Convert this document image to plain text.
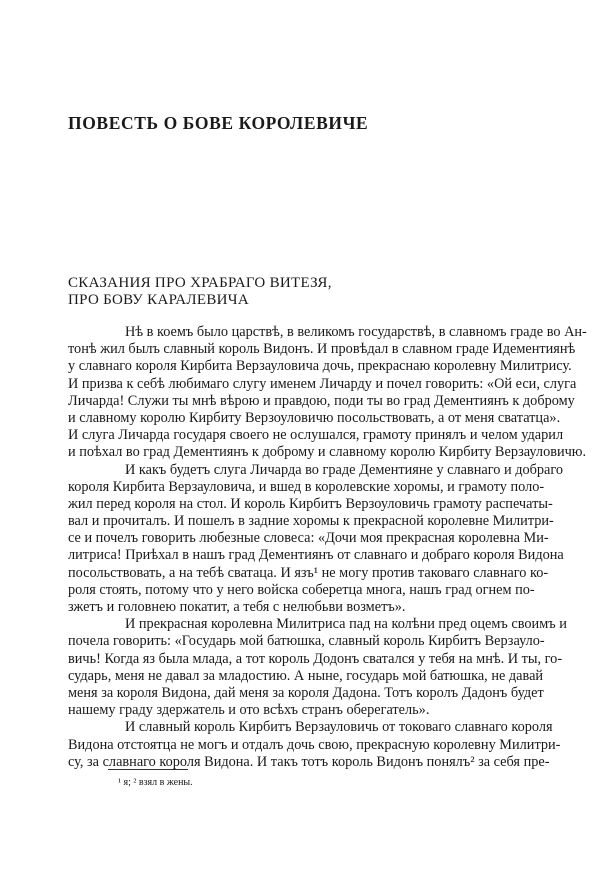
ПОВЕСТЬ О БОВЕ КОРОЛЕВИЧЕ
СКАЗАНИЯ ПРО ХРАБРАГО ВИТЕЗЯ,
ПРО БОВУ КАРАЛЕВИЧА
Нѣ в коемъ было царствѣ, в великомъ государствѣ, в славномъ граде во Ан-
тонѣ жил былъ славный король Видонъ. И провѣдал в славном граде Идементиянѣ
у славнаго короля Кирбита Верзауловича дочь, прекраснаю королевну Милитрису.
И призва к себѣ любимаго слугу именем Личарду и почел говорить: «Ой еси, слуга
Личарда! Служи ты мнѣ вѣрою и правдою, поди ты во град Дементиянъ к доброму
и славному королю Кирбиту Верзоуловичю посольствовать, а от меня свататца».
И слуга Личарда государя своего не ослушался, грамоту принялъ и челом ударил
и поѣхал во град Дементиянъ к доброму и славному королю Кирбиту Верзауловичю.
И какъ будетъ слуга Личарда во граде Дементияне у славнаго и добраго
короля Кирбита Верзауловича, и вшед в королевские хоромы, и грамоту поло-
жил перед короля на стол. И король Кирбитъ Верзоуловичь грамоту распечаты-
вал и прочиталъ. И пошелъ в задние хоромы к прекрасной королевне Милитри-
се и почелъ говорить любезные словеса: «Дочи моя прекрасная королевна Ми-
литриса! Приѣхал в нашъ град Дементиянъ от славнаго и добраго короля Видона
посольствовать, а на тебѣ сватаца. И язъ¹ не могу против таковаго славнаго ко-
роля стоять, потому что у него войска соберетца многа, нашъ град огнем по-
зжетъ и головнею покатит, а тебя с нелюбьви возметъ».
И прекрасная королевна Милитриса пад на колѣни пред оцемъ своимъ и
почела говорить: «Государь мой батюшка, славный король Кирбитъ Верзауло-
вичь! Когда яз была млада, а тот король Додонъ сватался у тебя на мнѣ. И ты, го-
сударь, меня не давал за младостию. А ныне, государь мой батюшка, не давай
меня за короля Видона, дай меня за короля Дадона. Тотъ королъ Дадонъ будет
нашему граду здержатель и ото всѣхъ странъ оберегатель».
И славный король Кирбитъ Верзауловичь от токоваго славнаго короля
Видона отстоятца не могъ и отдалъ дочь свою, прекрасную королевну Милитри-
су, за славнаго короля Видона. И такъ тотъ король Видонъ понялъ² за себя пре-
¹ я; ² взял в жены.
